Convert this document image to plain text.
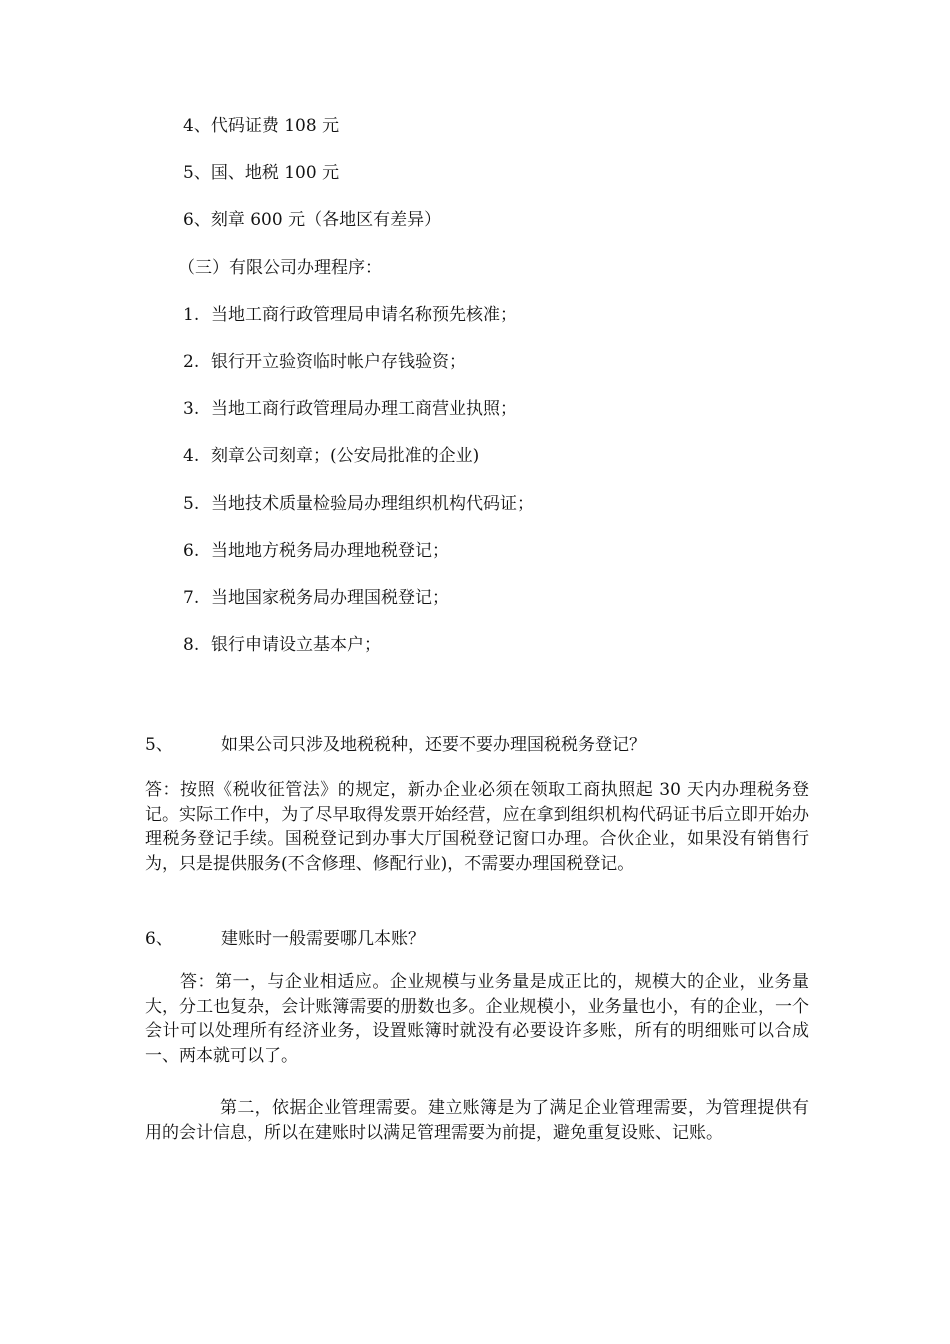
4、代码证费 108 元
5、国、地税 100 元
6、刻章 600 元（各地区有差异）
（三）有限公司办理程序：
1. 当地工商行政管理局申请名称预先核准；
2. 银行开立验资临时帐户存钱验资；
3. 当地工商行政管理局办理工商营业执照；
4. 刻章公司刻章；(公安局批准的企业)
5. 当地技术质量检验局办理组织机构代码证；
6. 当地地方税务局办理地税登记；
7. 当地国家税务局办理国税登记；
8. 银行申请设立基本户；
5、	如果公司只涉及地税税种，还要不要办理国税税务登记？
答：按照《税收征管法》的规定，新办企业必须在领取工商执照起 30 天内办理税务登记。实际工作中，为了尽早取得发票开始经营，应在拿到组织机构代码证书后立即开始办理税务登记手续。国税登记到办事大厅国税登记窗口办理。合伙企业，如果没有销售行为，只是提供服务(不含修理、修配行业)，不需要办理国税登记。
6、	建账时一般需要哪几本账？
答：第一，与企业相适应。企业规模与业务量是成正比的，规模大的企业，业务量大，分工也复杂，会计账簿需要的册数也多。企业规模小，业务量也小，有的企业，一个会计可以处理所有经济业务，设置账簿时就没有必要设许多账，所有的明细账可以合成一、两本就可以了。
第二，依据企业管理需要。建立账簿是为了满足企业管理需要，为管理提供有用的会计信息，所以在建账时以满足管理需要为前提，避免重复设账、记账。
